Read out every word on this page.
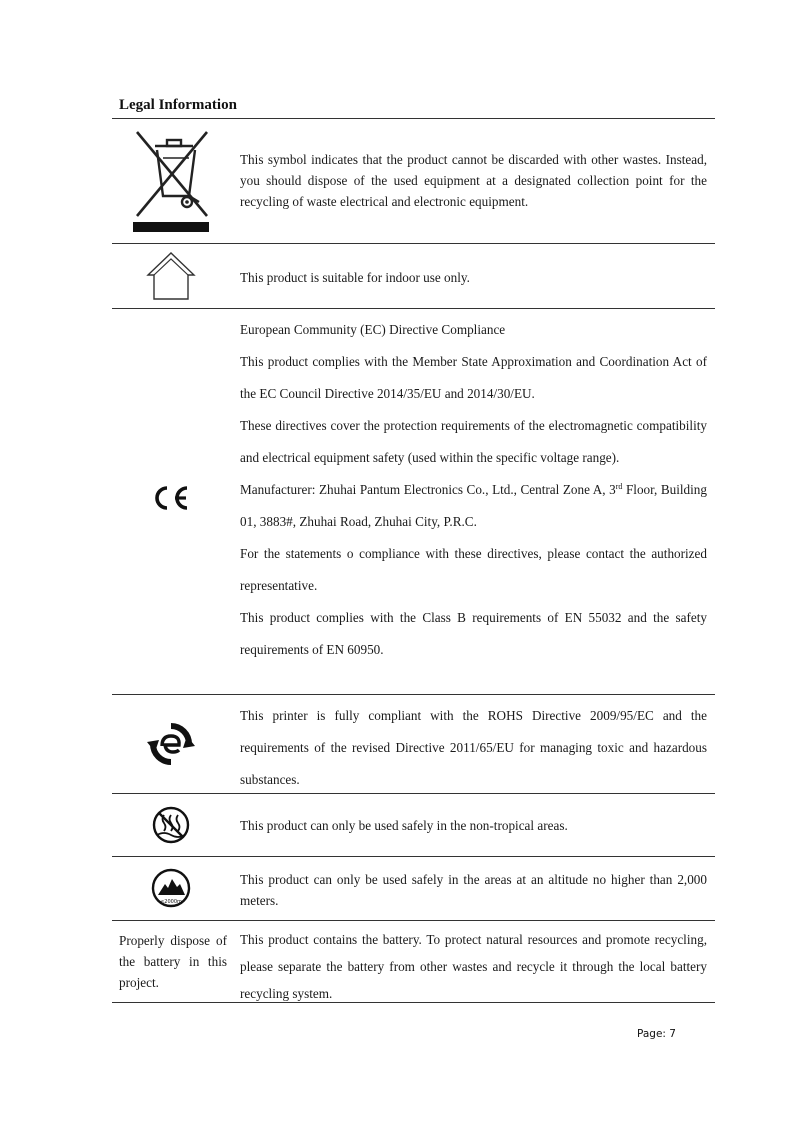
Legal Information
This symbol indicates that the product cannot be discarded with other wastes. Instead, you should dispose of the used equipment at a designated collection point for the recycling of waste electrical and electronic equipment.
This product is suitable for indoor use only.

European Community (EC) Directive Compliance

This product complies with the Member State Approximation and Coordination Act of the EC Council Directive 2014/35/EU and 2014/30/EU.

These directives cover the protection requirements of the electromagnetic compatibility and electrical equipment safety (used within the specific voltage range).

Manufacturer: Zhuhai Pantum Electronics Co., Ltd., Central Zone A, 3rd Floor, Building 01, 3883#, Zhuhai Road, Zhuhai City, P.R.C.

For the statements o compliance with these directives, please contact the authorized representative.

This product complies with the Class B requirements of EN 55032 and the safety requirements of EN 60950.

This printer is fully compliant with the ROHS Directive 2009/95/EC and the requirements of the revised Directive 2011/65/EU for managing toxic and hazardous substances.
This product can only be used safely in the non-tropical areas.
≤2000m
This product can only be used safely in the areas at an altitude no higher than 2,000 meters.
Properly dispose of the battery in this project.
This product contains the battery. To protect natural resources and promote recycling, please separate the battery from other wastes and recycle it through the local battery recycling system.
Page: 7
